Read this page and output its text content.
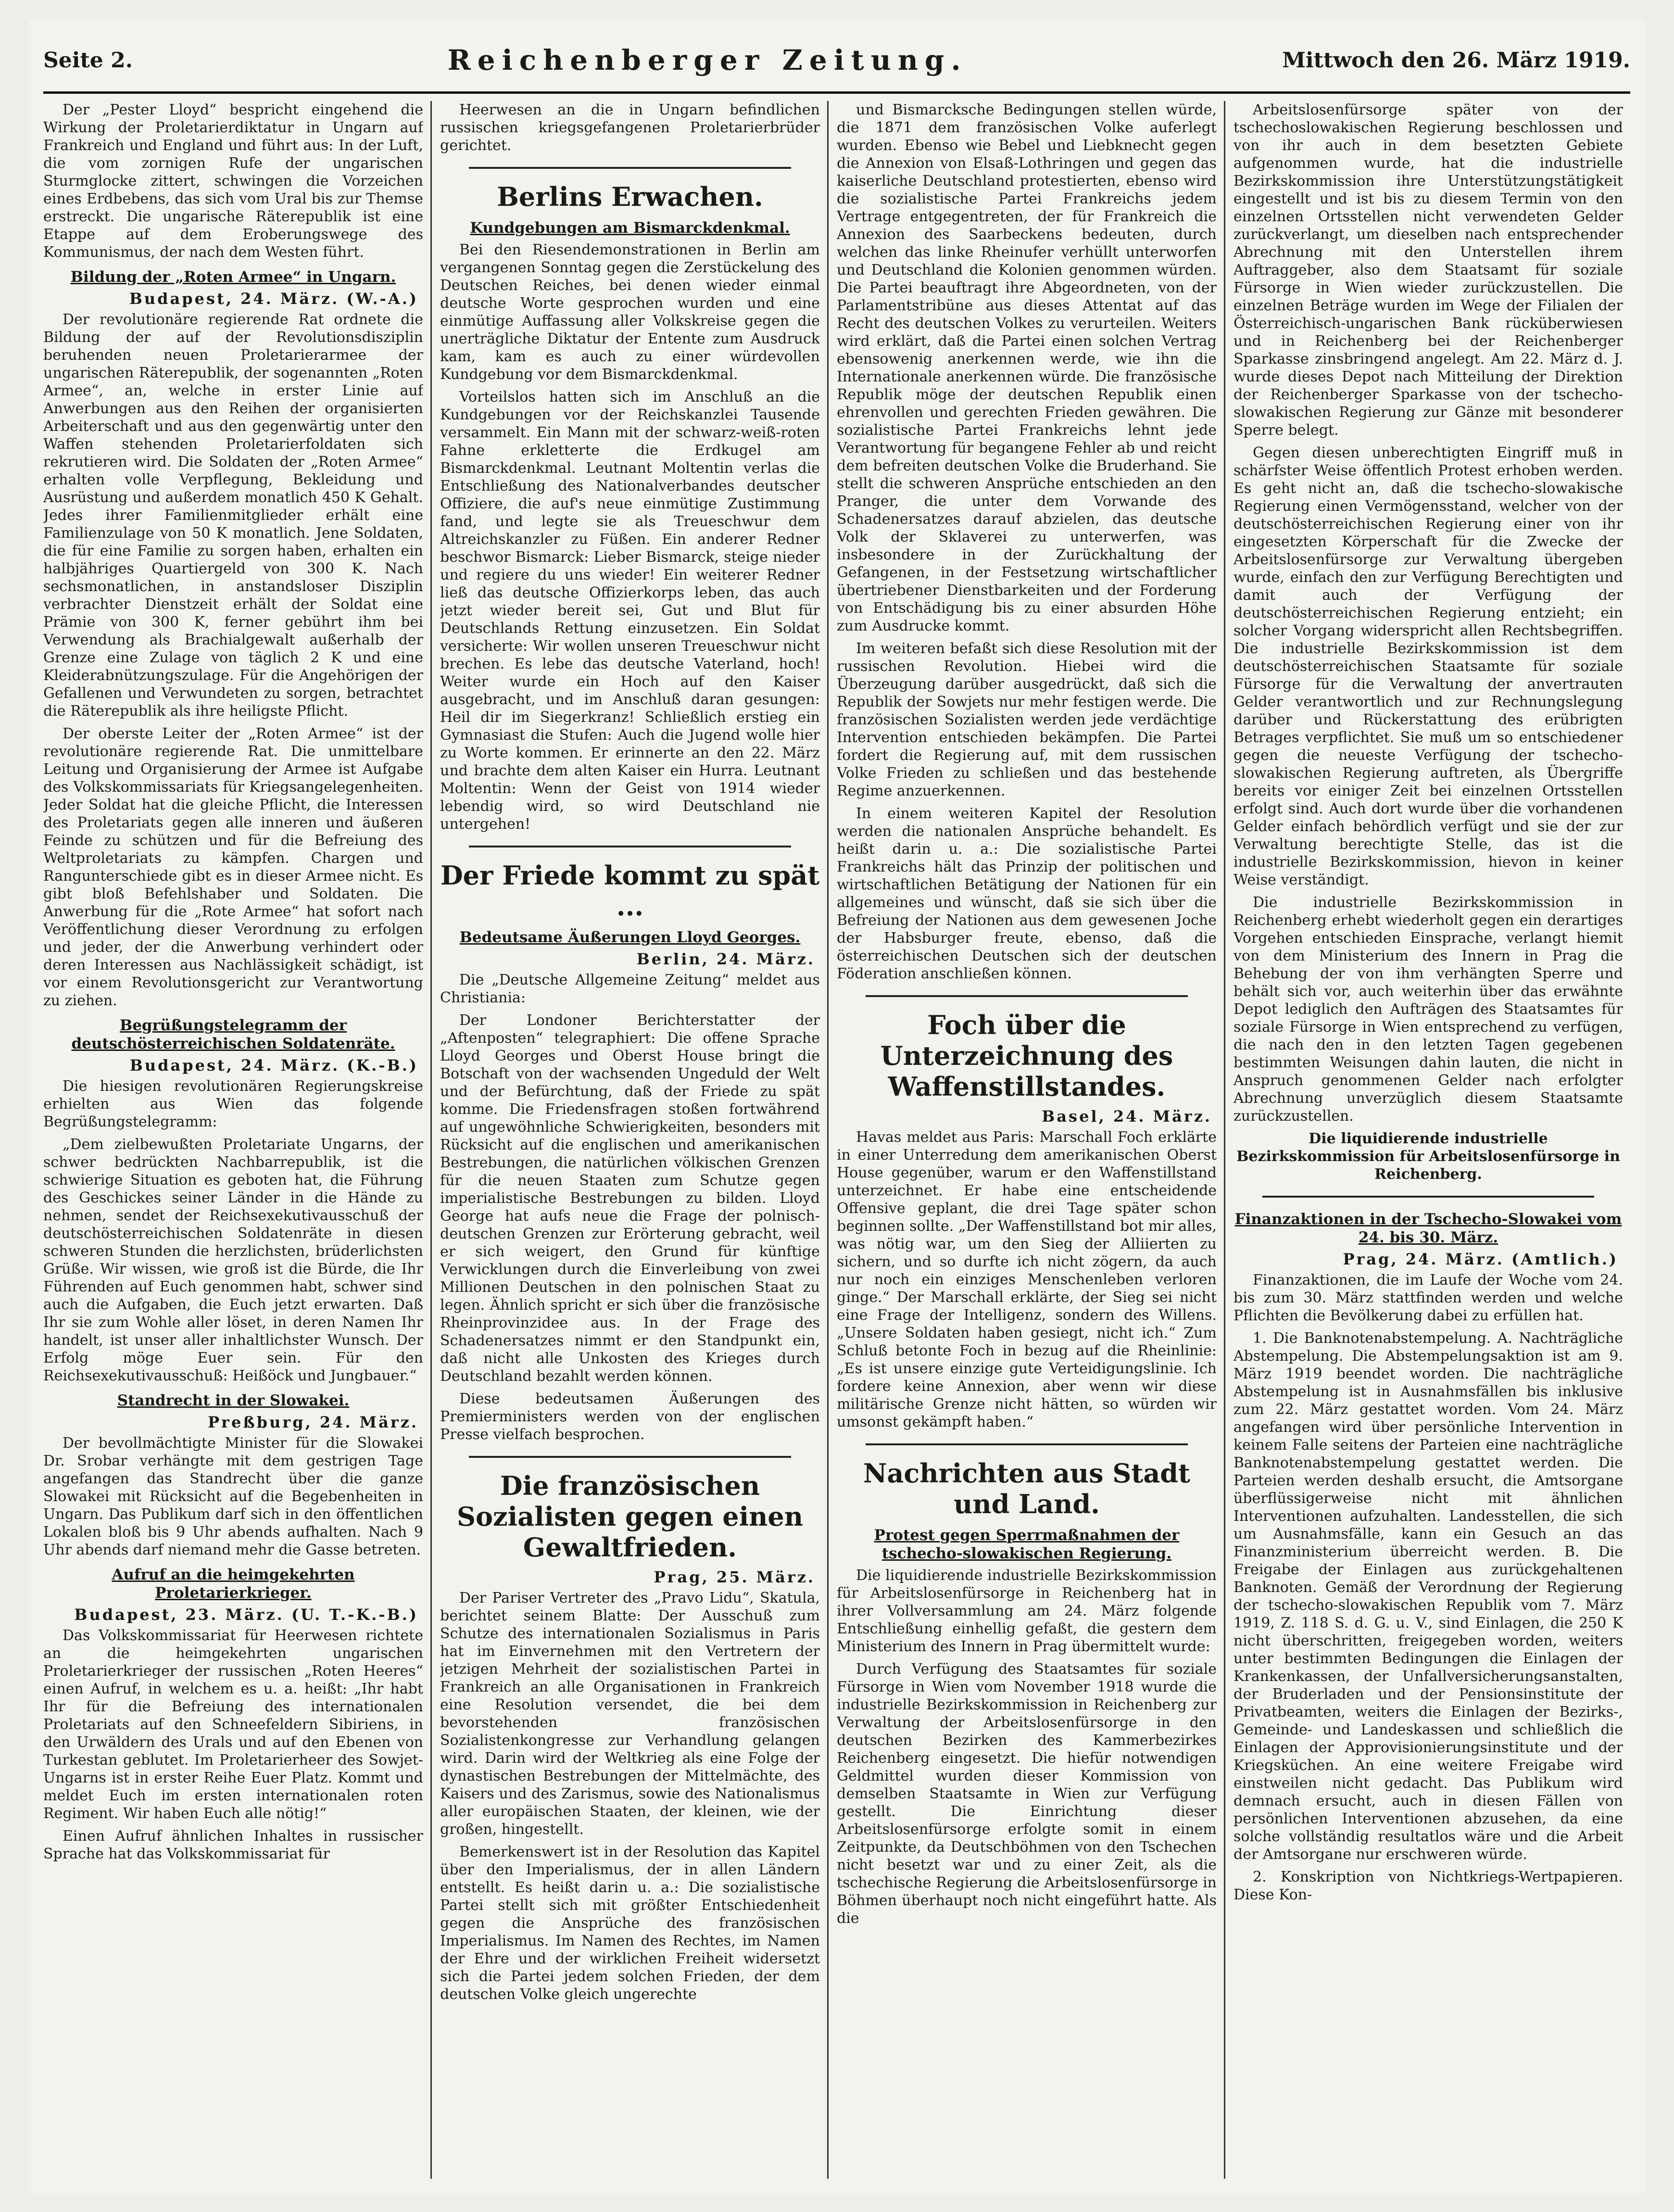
Seite 2.	Reichenberger Zeitung.	Mittwoch den 26. März 1919.

Der „Pester Lloyd“ bespricht eingehend die Wirkung der Proletarierdiktatur in Ungarn auf Frankreich und England und führt aus: In der Luft, die vom zornigen Rufe der ungarischen Sturmglocke zittert, schwingen die Vorzeichen eines Erdbebens, das sich vom Ural bis zur Themse erstreckt. Die ungarische Räterepublik ist eine Etappe auf dem Eroberungswege des Kommunismus, der nach dem Westen führt.

Bildung der „Roten Armee“ in Ungarn.
Budapest, 24. März. (W.-A.)

Der revolutionäre regierende Rat ordnete die Bildung der auf der Revolutionsdisziplin beruhenden neuen Proletarierarmee der ungarischen Räterepublik, der sogenannten „Roten Armee“, an, welche in erster Linie auf Anwerbungen aus den Reihen der organisierten Arbeiterschaft und aus den gegenwärtig unter den Waffen stehenden Proletarierfoldaten sich rekrutieren wird. Die Soldaten der „Roten Armee“ erhalten volle Verpflegung, Bekleidung und Ausrüstung und außerdem monatlich 450 K Gehalt. Jedes ihrer Familienmitglieder erhält eine Familienzulage von 50 K monatlich. Jene Soldaten, die für eine Familie zu sorgen haben, erhalten ein halbjähriges Quartiergeld von 300 K. Nach sechsmonatlichen, in anstandsloser Disziplin verbrachter Dienstzeit erhält der Soldat eine Prämie von 300 K, ferner gebührt ihm bei Verwendung als Brachialgewalt außerhalb der Grenze eine Zulage von täglich 2 K und eine Kleiderabnützungszulage. Für die Angehörigen der Gefallenen und Verwundeten zu sorgen, betrachtet die Räterepublik als ihre heiligste Pflicht.

Der oberste Leiter der „Roten Armee“ ist der revolutionäre regierende Rat. Die unmittelbare Leitung und Organisierung der Armee ist Aufgabe des Volkskommissariats für Kriegsangelegenheiten. Jeder Soldat hat die gleiche Pflicht, die Interessen des Proletariats gegen alle inneren und äußeren Feinde zu schützen und für die Befreiung des Weltproletariats zu kämpfen. Chargen und Rangunterschiede gibt es in dieser Armee nicht. Es gibt bloß Befehlshaber und Soldaten. Die Anwerbung für die „Rote Armee“ hat sofort nach Veröffentlichung dieser Verordnung zu erfolgen und jeder, der die Anwerbung verhindert oder deren Interessen aus Nachlässigkeit schädigt, ist vor einem Revolutionsgericht zur Verantwortung zu ziehen.

Begrüßungstelegramm der deutschösterreichischen Soldatenräte.
Budapest, 24. März. (K.-B.)

Die hiesigen revolutionären Regierungskreise erhielten aus Wien das folgende Begrüßungstelegramm:

„Dem zielbewußten Proletariate Ungarns, der schwer bedrückten Nachbarrepublik, ist die schwierige Situation es geboten hat, die Führung des Geschickes seiner Länder in die Hände zu nehmen, sendet der Reichsexekutivausschuß der deutschösterreichischen Soldatenräte in diesen schweren Stunden die herzlichsten, brüderlichsten Grüße. Wir wissen, wie groß ist die Bürde, die Ihr Führenden auf Euch genommen habt, schwer sind auch die Aufgaben, die Euch jetzt erwarten. Daß Ihr sie zum Wohle aller löset, in deren Namen Ihr handelt, ist unser aller inhaltlichster Wunsch. Der Erfolg möge Euer sein. Für den Reichsexekutivausschuß: Heißöck und Jungbauer.“

Standrecht in der Slowakei.
Preßburg, 24. März.

Der bevollmächtigte Minister für die Slowakei Dr. Srobar verhängte mit dem gestrigen Tage angefangen das Standrecht über die ganze Slowakei mit Rücksicht auf die Begebenheiten in Ungarn. Das Publikum darf sich in den öffentlichen Lokalen bloß bis 9 Uhr abends aufhalten. Nach 9 Uhr abends darf niemand mehr die Gasse betreten.

Aufruf an die heimgekehrten Proletarierkrieger.
Budapest, 23. März. (U. T.-K.-B.)

Das Volkskommissariat für Heerwesen richtete an die heimgekehrten ungarischen Proletarierkrieger der russischen „Roten Heeres“ einen Aufruf, in welchem es u. a. heißt: „Ihr habt Ihr für die Befreiung des internationalen Proletariats auf den Schneefeldern Sibiriens, in den Urwäldern des Urals und auf den Ebenen von Turkestan geblutet. Im Proletarierheer des Sowjet-Ungarns ist in erster Reihe Euer Platz. Kommt und meldet Euch im ersten internationalen roten Regiment. Wir haben Euch alle nötig!“

Einen Aufruf ähnlichen Inhaltes in russischer Sprache hat das Volkskommissariat für

Heerwesen an die in Ungarn befindlichen russischen kriegsgefangenen Proletarierbrüder gerichtet.

Berlins Erwachen.
Kundgebungen am Bismarckdenkmal.

Bei den Riesendemonstrationen in Berlin am vergangenen Sonntag gegen die Zerstückelung des Deutschen Reiches, bei denen wieder einmal deutsche Worte gesprochen wurden und eine einmütige Auffassung aller Volkskreise gegen die unerträgliche Diktatur der Entente zum Ausdruck kam, kam es auch zu einer würdevollen Kundgebung vor dem Bismarckdenkmal.

Vorteilslos hatten sich im Anschluß an die Kundgebungen vor der Reichskanzlei Tausende versammelt. Ein Mann mit der schwarz-weiß-roten Fahne erkletterte die Erdkugel am Bismarckdenkmal. Leutnant Moltentin verlas die Entschließung des Nationalverbandes deutscher Offiziere, die auf's neue einmütige Zustimmung fand, und legte sie als Treueschwur dem Altreichskanzler zu Füßen. Ein anderer Redner beschwor Bismarck: Lieber Bismarck, steige nieder und regiere du uns wieder! Ein weiterer Redner ließ das deutsche Offizierkorps leben, das auch jetzt wieder bereit sei, Gut und Blut für Deutschlands Rettung einzusetzen. Ein Soldat versicherte: Wir wollen unseren Treueschwur nicht brechen. Es lebe das deutsche Vaterland, hoch! Weiter wurde ein Hoch auf den Kaiser ausgebracht, und im Anschluß daran gesungen: Heil dir im Siegerkranz! Schließlich erstieg ein Gymnasiast die Stufen: Auch die Jugend wolle hier zu Worte kommen. Er erinnerte an den 22. März und brachte dem alten Kaiser ein Hurra. Leutnant Moltentin: Wenn der Geist von 1914 wieder lebendig wird, so wird Deutschland nie untergehen!

Der Friede kommt zu spät ...
Bedeutsame Äußerungen Lloyd Georges.
Berlin, 24. März.

Die „Deutsche Allgemeine Zeitung“ meldet aus Christiania:

Der Londoner Berichterstatter der „Aftenposten“ telegraphiert: Die offene Sprache Lloyd Georges und Oberst House bringt die Botschaft von der wachsenden Ungeduld der Welt und der Befürchtung, daß der Friede zu spät komme. Die Friedensfragen stoßen fortwährend auf ungewöhnliche Schwierigkeiten, besonders mit Rücksicht auf die englischen und amerikanischen Bestrebungen, die natürlichen völkischen Grenzen für die neuen Staaten zum Schutze gegen imperialistische Bestrebungen zu bilden. Lloyd George hat aufs neue die Frage der polnisch-deutschen Grenzen zur Erörterung gebracht, weil er sich weigert, den Grund für künftige Verwicklungen durch die Einverleibung von zwei Millionen Deutschen in den polnischen Staat zu legen. Ähnlich spricht er sich über die französische Rheinprovinzidee aus. In der Frage des Schadenersatzes nimmt er den Standpunkt ein, daß nicht alle Unkosten des Krieges durch Deutschland bezahlt werden können.

Diese bedeutsamen Äußerungen des Premierministers werden von der englischen Presse vielfach besprochen.

Die französischen Sozialisten gegen einen Gewaltfrieden.
Prag, 25. März.

Der Pariser Vertreter des „Pravo Lidu“, Skatula, berichtet seinem Blatte: Der Ausschuß zum Schutze des internationalen Sozialismus in Paris hat im Einvernehmen mit den Vertretern der jetzigen Mehrheit der sozialistischen Partei in Frankreich an alle Organisationen in Frankreich eine Resolution versendet, die bei dem bevorstehenden französischen Sozialistenkongresse zur Verhandlung gelangen wird. Darin wird der Weltkrieg als eine Folge der dynastischen Bestrebungen der Mittelmächte, des Kaisers und des Zarismus, sowie des Nationalismus aller europäischen Staaten, der kleinen, wie der großen, hingestellt.

Bemerkenswert ist in der Resolution das Kapitel über den Imperialismus, der in allen Ländern entstellt. Es heißt darin u. a.: Die sozialistische Partei stellt sich mit größter Entschiedenheit gegen die Ansprüche des französischen Imperialismus. Im Namen des Rechtes, im Namen der Ehre und der wirklichen Freiheit widersetzt sich die Partei jedem solchen Frieden, der dem deutschen Volke gleich ungerechte

und Bismarcksche Bedingungen stellen würde, die 1871 dem französischen Volke auferlegt wurden. Ebenso wie Bebel und Liebknecht gegen die Annexion von Elsaß-Lothringen und gegen das kaiserliche Deutschland protestierten, ebenso wird die sozialistische Partei Frankreichs jedem Vertrage entgegentreten, der für Frankreich die Annexion des Saarbeckens bedeuten, durch welchen das linke Rheinufer verhüllt unterworfen und Deutschland die Kolonien genommen würden. Die Partei beauftragt ihre Abgeordneten, von der Parlamentstribüne aus dieses Attentat auf das Recht des deutschen Volkes zu verurteilen. Weiters wird erklärt, daß die Partei einen solchen Vertrag ebensowenig anerkennen werde, wie ihn die Internationale anerkennen würde. Die französische Republik möge der deutschen Republik einen ehrenvollen und gerechten Frieden gewähren. Die sozialistische Partei Frankreichs lehnt jede Verantwortung für begangene Fehler ab und reicht dem befreiten deutschen Volke die Bruderhand. Sie stellt die schweren Ansprüche entschieden an den Pranger, die unter dem Vorwande des Schadenersatzes darauf abzielen, das deutsche Volk der Sklaverei zu unterwerfen, was insbesondere in der Zurückhaltung der Gefangenen, in der Festsetzung wirtschaftlicher übertriebener Dienstbarkeiten und der Forderung von Entschädigung bis zu einer absurden Höhe zum Ausdrucke kommt.

Im weiteren befaßt sich diese Resolution mit der russischen Revolution. Hiebei wird die Überzeugung darüber ausgedrückt, daß sich die Republik der Sowjets nur mehr festigen werde. Die französischen Sozialisten werden jede verdächtige Intervention entschieden bekämpfen. Die Partei fordert die Regierung auf, mit dem russischen Volke Frieden zu schließen und das bestehende Regime anzuerkennen.

In einem weiteren Kapitel der Resolution werden die nationalen Ansprüche behandelt. Es heißt darin u. a.: Die sozialistische Partei Frankreichs hält das Prinzip der politischen und wirtschaftlichen Betätigung der Nationen für ein allgemeines und wünscht, daß sie sich über die Befreiung der Nationen aus dem gewesenen Joche der Habsburger freute, ebenso, daß die österreichischen Deutschen sich der deutschen Föderation anschließen können.

Foch über die Unterzeichnung des Waffenstillstandes.
Basel, 24. März.

Havas meldet aus Paris: Marschall Foch erklärte in einer Unterredung dem amerikanischen Oberst House gegenüber, warum er den Waffenstillstand unterzeichnet. Er habe eine entscheidende Offensive geplant, die drei Tage später schon beginnen sollte. „Der Waffenstillstand bot mir alles, was nötig war, um den Sieg der Alliierten zu sichern, und so durfte ich nicht zögern, da auch nur noch ein einziges Menschenleben verloren ginge.“ Der Marschall erklärte, der Sieg sei nicht eine Frage der Intelligenz, sondern des Willens. „Unsere Soldaten haben gesiegt, nicht ich.“ Zum Schluß betonte Foch in bezug auf die Rheinlinie: „Es ist unsere einzige gute Verteidigungslinie. Ich fordere keine Annexion, aber wenn wir diese militärische Grenze nicht hätten, so würden wir umsonst gekämpft haben.“

Nachrichten aus Stadt und Land.
Protest gegen Sperrmaßnahmen der tschecho-slowakischen Regierung.

Die liquidierende industrielle Bezirkskommission für Arbeitslosenfürsorge in Reichenberg hat in ihrer Vollversammlung am 24. März folgende Entschließung einhellig gefaßt, die gestern dem Ministerium des Innern in Prag übermittelt wurde:

Durch Verfügung des Staatsamtes für soziale Fürsorge in Wien vom November 1918 wurde die industrielle Bezirkskommission in Reichenberg zur Verwaltung der Arbeitslosenfürsorge in den deutschen Bezirken des Kammerbezirkes Reichenberg eingesetzt. Die hiefür notwendigen Geldmittel wurden dieser Kommission von demselben Staatsamte in Wien zur Verfügung gestellt. Die Einrichtung dieser Arbeitslosenfürsorge erfolgte somit in einem Zeitpunkte, da Deutschböhmen von den Tschechen nicht besetzt war und zu einer Zeit, als die tschechische Regierung die Arbeitslosenfürsorge in Böhmen überhaupt noch nicht eingeführt hatte. Als die

Arbeitslosenfürsorge später von der tschechoslowakischen Regierung beschlossen und von ihr auch in dem besetzten Gebiete aufgenommen wurde, hat die industrielle Bezirkskommission ihre Unterstützungstätigkeit eingestellt und ist bis zu diesem Termin von den einzelnen Ortsstellen nicht verwendeten Gelder zurückverlangt, um dieselben nach entsprechender Abrechnung mit den Unterstellen ihrem Auftraggeber, also dem Staatsamt für soziale Fürsorge in Wien wieder zurückzustellen. Die einzelnen Beträge wurden im Wege der Filialen der Österreichisch-ungarischen Bank rücküberwiesen und in Reichenberg bei der Reichenberger Sparkasse zinsbringend angelegt. Am 22. März d. J. wurde dieses Depot nach Mitteilung der Direktion der Reichenberger Sparkasse von der tschecho-slowakischen Regierung zur Gänze mit besonderer Sperre belegt.

Gegen diesen unberechtigten Eingriff muß in schärfster Weise öffentlich Protest erhoben werden. Es geht nicht an, daß die tschecho-slowakische Regierung einen Vermögensstand, welcher von der deutschösterreichischen Regierung einer von ihr eingesetzten Körperschaft für die Zwecke der Arbeitslosenfürsorge zur Verwaltung übergeben wurde, einfach den zur Verfügung Berechtigten und damit auch der Verfügung der deutschösterreichischen Regierung entzieht; ein solcher Vorgang widerspricht allen Rechtsbegriffen. Die industrielle Bezirkskommission ist dem deutschösterreichischen Staatsamte für soziale Fürsorge für die Verwaltung der anvertrauten Gelder verantwortlich und zur Rechnungslegung darüber und Rückerstattung des erübrigten Betrages verpflichtet. Sie muß um so entschiedener gegen die neueste Verfügung der tschecho-slowakischen Regierung auftreten, als Übergriffe bereits vor einiger Zeit bei einzelnen Ortsstellen erfolgt sind. Auch dort wurde über die vorhandenen Gelder einfach behördlich verfügt und sie der zur Verwaltung berechtigte Stelle, das ist die industrielle Bezirkskommission, hievon in keiner Weise verständigt.

Die industrielle Bezirkskommission in Reichenberg erhebt wiederholt gegen ein derartiges Vorgehen entschieden Einsprache, verlangt hiemit von dem Ministerium des Innern in Prag die Behebung der von ihm verhängten Sperre und behält sich vor, auch weiterhin über das erwähnte Depot lediglich den Aufträgen des Staatsamtes für soziale Fürsorge in Wien entsprechend zu verfügen, die nach den in den letzten Tagen gegebenen bestimmten Weisungen dahin lauten, die nicht in Anspruch genommenen Gelder nach erfolgter Abrechnung unverzüglich diesem Staatsamte zurückzustellen.

Die liquidierende industrielle Bezirkskommission für Arbeitslosenfürsorge in Reichenberg.
Finanzaktionen in der Tschecho-Slowakei vom 24. bis 30. März.
Prag, 24. März. (Amtlich.)

Finanzaktionen, die im Laufe der Woche vom 24. bis zum 30. März stattfinden werden und welche Pflichten die Bevölkerung dabei zu erfüllen hat.

1. Die Banknotenabstempelung. A. Nachträgliche Abstempelung. Die Abstempelungsaktion ist am 9. März 1919 beendet worden. Die nachträgliche Abstempelung ist in Ausnahmsfällen bis inklusive zum 22. März gestattet worden. Vom 24. März angefangen wird über persönliche Intervention in keinem Falle seitens der Parteien eine nachträgliche Banknotenabstempelung gestattet werden. Die Parteien werden deshalb ersucht, die Amtsorgane überflüssigerweise nicht mit ähnlichen Interventionen aufzuhalten. Landesstellen, die sich um Ausnahmsfälle, kann ein Gesuch an das Finanzministerium überreicht werden. B. Die Freigabe der Einlagen aus zurückgehaltenen Banknoten. Gemäß der Verordnung der Regierung der tschecho-slowakischen Republik vom 7. März 1919, Z. 118 S. d. G. u. V., sind Einlagen, die 250 K nicht überschritten, freigegeben worden, weiters unter bestimmten Bedingungen die Einlagen der Krankenkassen, der Unfallversicherungsanstalten, der Bruderladen und der Pensionsinstitute der Privatbeamten, weiters die Einlagen der Bezirks-, Gemeinde- und Landeskassen und schließlich die Einlagen der Approvisionierungsinstitute und der Kriegsküchen. An eine weitere Freigabe wird einstweilen nicht gedacht. Das Publikum wird demnach ersucht, auch in diesen Fällen von persönlichen Interventionen abzusehen, da eine solche vollständig resultatlos wäre und die Arbeit der Amtsorgane nur erschweren würde.

2. Konskription von Nichtkriegs-Wertpapieren. Diese Kon-
